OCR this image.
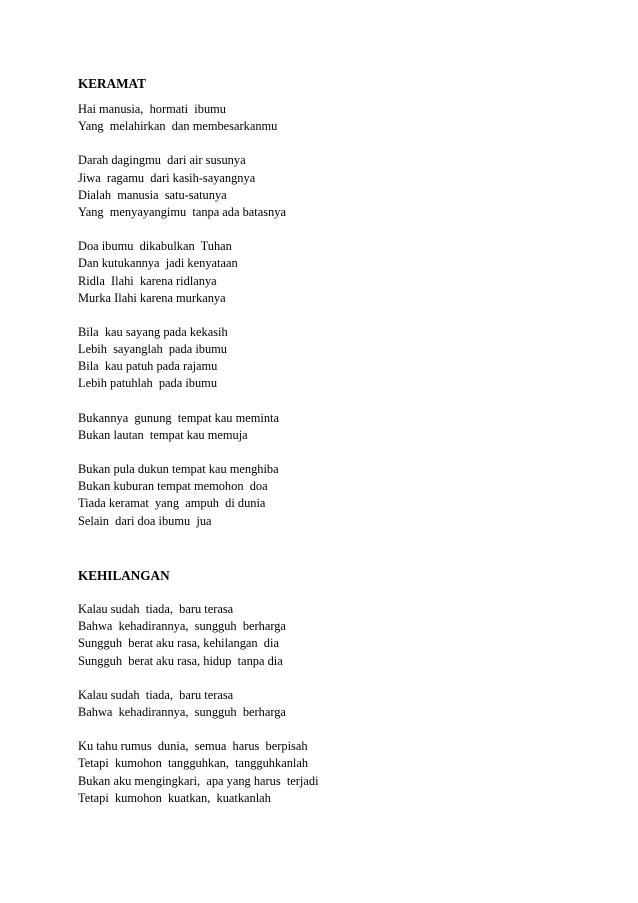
KERAMAT
Hai manusia,  hormati  ibumu
Yang  melahirkan  dan membesarkanmu
Darah dagingmu  dari air susunya
Jiwa  ragamu  dari kasih-sayangnya
Dialah  manusia  satu-satunya
Yang  menyayangimu  tanpa ada batasnya
Doa ibumu  dikabulkan  Tuhan
Dan kutukannya  jadi kenyataan
Ridla  Ilahi  karena ridlanya
Murka Ilahi karena murkanya
Bila  kau sayang pada kekasih
Lebih  sayanglah  pada ibumu
Bila  kau patuh pada rajamu
Lebih patuhlah  pada ibumu
Bukannya  gunung  tempat kau meminta
Bukan lautan  tempat kau memuja
Bukan pula dukun tempat kau menghiba
Bukan kuburan tempat memohon  doa
Tiada keramat  yang  ampuh  di dunia
Selain  dari doa ibumu  jua
KEHILANGAN
Kalau sudah  tiada,  baru terasa
Bahwa  kehadirannya,  sungguh  berharga
Sungguh  berat aku rasa, kehilangan  dia
Sungguh  berat aku rasa, hidup  tanpa dia
Kalau sudah  tiada,  baru terasa
Bahwa  kehadirannya,  sungguh  berharga
Ku tahu rumus  dunia,  semua  harus  berpisah
Tetapi  kumohon  tangguhkan,  tangguhkanlah
Bukan aku mengingkari,  apa yang harus  terjadi
Tetapi  kumohon  kuatkan,  kuatkanlah
